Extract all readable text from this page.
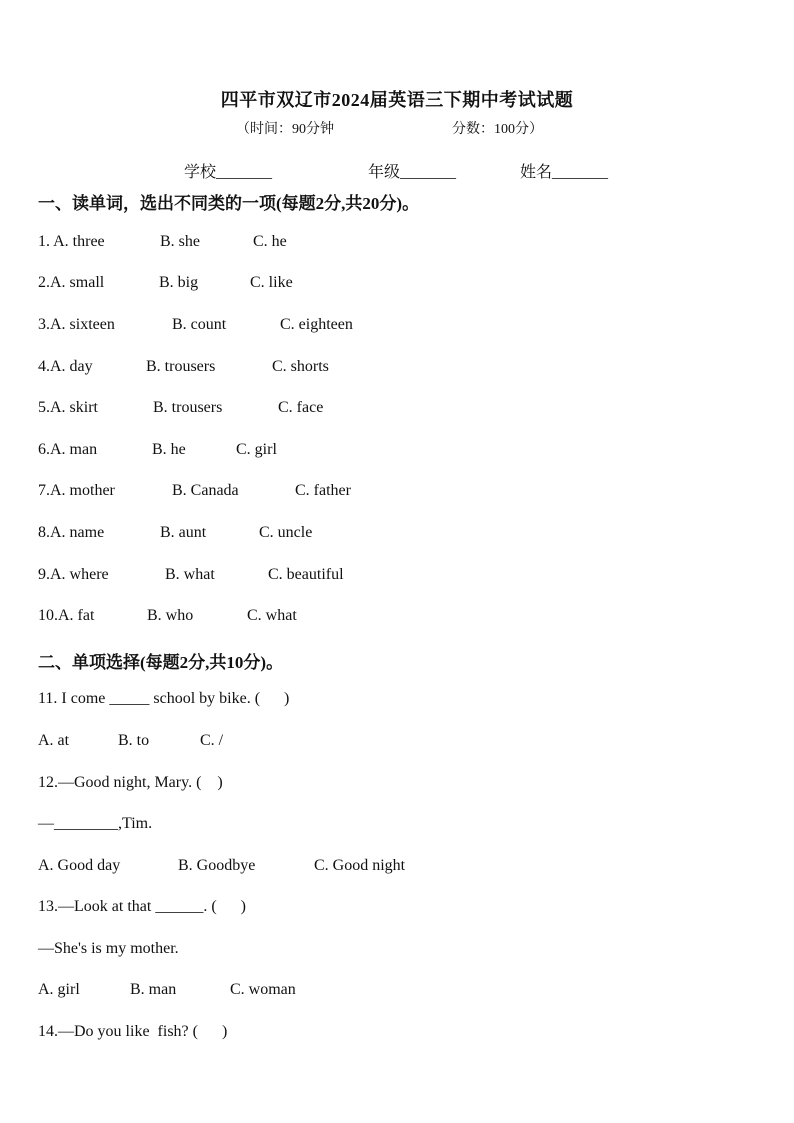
四平市双辽市2024届英语三下期中考试试题
（时间：90分钟	分数：100分）
学校_______	年级_______	姓名_______
一、读单词，选出不同类的一项(每题2分,共20分)。
1. A. three	B. she	C. he
2.A. small	B. big	C. like
3.A. sixteen	B. count	C. eighteen
4.A. day	B. trousers	C. shorts
5.A. skirt	B. trousers	C. face
6.A. man	B. he	C. girl
7.A. mother	B. Canada	C. father
8.A. name	B. aunt	C. uncle
9.A. where	B. what	C. beautiful
10.A. fat	B. who	C. what
二、单项选择(每题2分,共10分)。
11. I come _____ school by bike. (      )
A. at	B. to	C. /
12.—Good night, Mary. (    )
—________,Tim.
A. Good day	B. Goodbye	C. Good night
13.—Look at that ______. (      )
—She's is my mother.
A. girl	B. man	C. woman
14.—Do you like  fish? (      )
